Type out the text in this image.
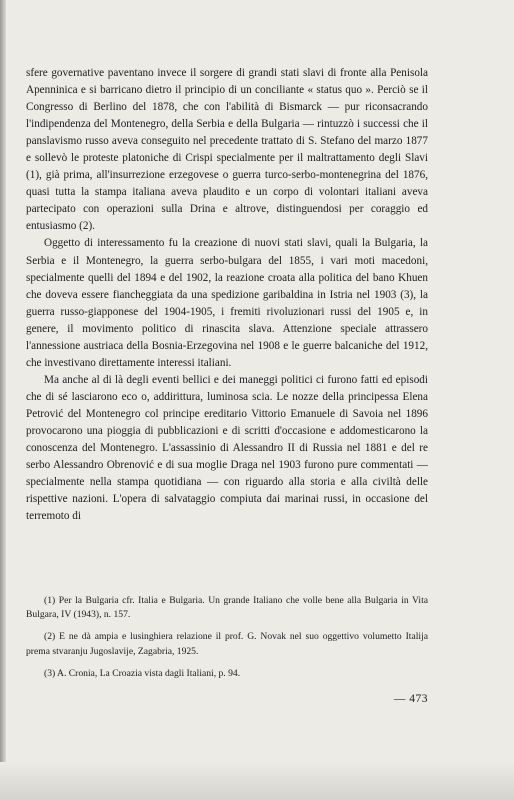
sfere governative paventano invece il sorgere di grandi stati slavi di fronte alla Penisola Apenninica e si barricano dietro il principio di un conciliante « status quo ». Perciò se il Congresso di Berlino del 1878, che con l'abilità di Bismarck — pur riconsacrando l'indipendenza del Montenegro, della Serbia e della Bulgaria — rintuzzò i successi che il panslavismo russo aveva conseguito nel precedente trattato di S. Stefano del marzo 1877 e sollevò le proteste platoniche di Crispi specialmente per il maltrattamento degli Slavi (1), già prima, all'insurrezione erzegovese o guerra turco-serbo-montenegrina del 1876, quasi tutta la stampa italiana aveva plaudito e un corpo di volontari italiani aveva partecipato con operazioni sulla Drina e altrove, distinguendosi per coraggio ed entusiasmo (2).

Oggetto di interessamento fu la creazione di nuovi stati slavi, quali la Bulgaria, la Serbia e il Montenegro, la guerra serbo-bulgara del 1855, i vari moti macedoni, specialmente quelli del 1894 e del 1902, la reazione croata alla politica del bano Khuen che doveva essere fiancheggiata da una spedizione garibaldina in Istria nel 1903 (3), la guerra russo-giapponese del 1904-1905, i fremiti rivoluzionari russi del 1905 e, in genere, il movimento politico di rinascita slava. Attenzione speciale attrassero l'annessione austriaca della Bosnia-Erzegovina nel 1908 e le guerre balcaniche del 1912, che investivano direttamente interessi italiani.

Ma anche al di là degli eventi bellici e dei maneggi politici ci furono fatti ed episodi che di sé lasciarono eco o, addirittura, luminosa scia. Le nozze della principessa Elena Petrović del Montenegro col principe ereditario Vittorio Emanuele di Savoia nel 1896 provocarono una pioggia di pubblicazioni e di scritti d'occasione e addomesticarono la conoscenza del Montenegro. L'assassinio di Alessandro II di Russia nel 1881 e del re serbo Alessandro Obrenović e di sua moglie Draga nel 1903 furono pure commentati — specialmente nella stampa quotidiana — con riguardo alla storia e alla civiltà delle rispettive nazioni. L'opera di salvataggio compiuta dai marinai russi, in occasione del terremoto di

(1) Per la Bulgaria cfr. Italia e Bulgaria. Un grande Italiano che volle bene alla Bulgaria in Vita Bulgara, IV (1943), n. 157.

(2) E ne dà ampia e lusinghiera relazione il prof. G. Novak nel suo oggettivo volumetto Italija prema stvaranju Jugoslavije, Zagabria, 1925.

(3) A. Cronia, La Croazia vista dagli Italiani, p. 94.

— 473
